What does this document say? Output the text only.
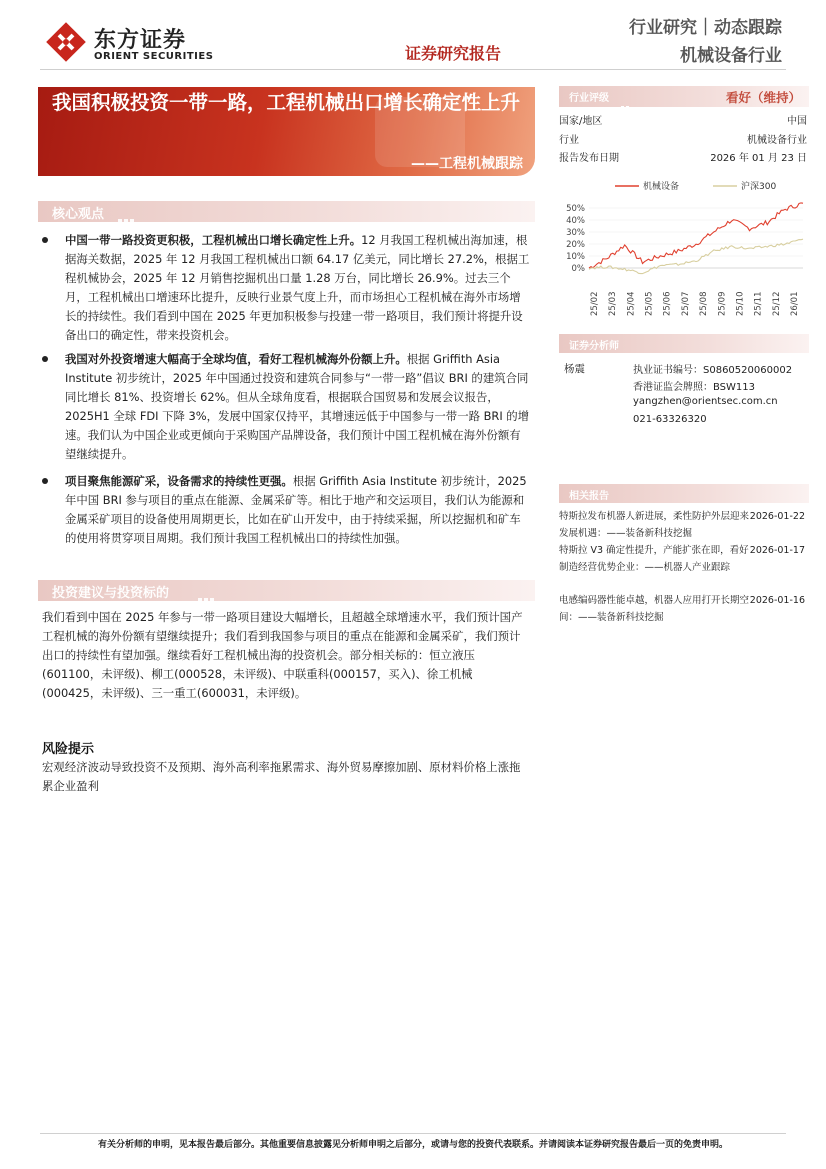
东方证券
ORIENT SECURITIES	证券研究报告
行业研究｜动态跟踪
机械设备行业
我国积极投资一带一路，工程机械出口增长确定性上升
——工程机械跟踪
核心观点
中国一带一路投资更积极，工程机械出口增长确定性上升。12 月我国工程机械出海加速，根据海关数据，2025 年 12 月我国工程机械出口额 64.17 亿美元，同比增长 27.2%，根据工程机械协会，2025 年 12 月销售挖掘机出口量 1.28 万台，同比增长 26.9%。过去三个月，工程机械出口增速环比提升，反映行业景气度上升，而市场担心工程机械在海外市场增长的持续性。我们看到中国在 2025 年更加积极参与投建一带一路项目，我们预计将提升设备出口的确定性，带来投资机会。
我国对外投资增速大幅高于全球均值，看好工程机械海外份额上升。根据 Griffith Asia Institute 初步统计，2025 年中国通过投资和建筑合同参与“一带一路”倡议 BRI 的建筑合同同比增长 81%、投资增长 62%。但从全球角度看，根据联合国贸易和发展会议报告，2025H1 全球 FDI 下降 3%，发展中国家仅持平，其增速远低于中国参与一带一路 BRI 的增速。我们认为中国企业或更倾向于采购国产品牌设备，我们预计中国工程机械在海外份额有望继续提升。
项目聚焦能源矿采，设备需求的持续性更强。根据 Griffith Asia Institute 初步统计，2025 年中国 BRI 参与项目的重点在能源、金属采矿等。相比于地产和交运项目，我们认为能源和金属采矿项目的设备使用周期更长，比如在矿山开发中，由于持续采掘，所以挖掘机和矿车的使用将贯穿项目周期。我们预计我国工程机械出口的持续性加强。
投资建议与投资标的
我们看到中国在 2025 年参与一带一路项目建设大幅增长，且超越全球增速水平，我们预计国产工程机械的海外份额有望继续提升；我们看到我国参与项目的重点在能源和金属采矿，我们预计出口的持续性有望加强。继续看好工程机械出海的投资机会。部分相关标的：恒立液压(601100，未评级)、柳工(000528，未评级)、中联重科(000157，买入)、徐工机械(000425，未评级)、三一重工(600031，未评级)。
风险提示
宏观经济波动导致投资不及预期、海外高利率拖累需求、海外贸易摩擦加剧、原材料价格上涨拖累企业盈利
行业评级	看好（维持）
国家/地区	中国
行业	机械设备行业
报告发布日期	2026 年 01 月 23 日
机械设备	沪深300
50%
40%
30%
20%
10%
0%
25/02 25/03 25/04 25/05 25/06 25/07 25/08 25/09 25/10 25/11 25/12 26/01
证券分析师
杨震	执业证书编号：S0860520060002
香港证监会牌照：BSW113
yangzhen@orientsec.com.cn
021-63326320
相关报告
特斯拉发布机器人新进展，柔性防护外层迎来发展机遇：——装备新科技挖掘
2026-01-22
特斯拉 V3 确定性提升，产能扩张在即，看好制造经营优势企业：——机器人产业跟踪
2026-01-17
电感编码器性能卓越，机器人应用打开长期空间：——装备新科技挖掘
2026-01-16
有关分析师的申明，见本报告最后部分。其他重要信息披露见分析师申明之后部分，或请与您的投资代表联系。并请阅读本证券研究报告最后一页的免责申明。
